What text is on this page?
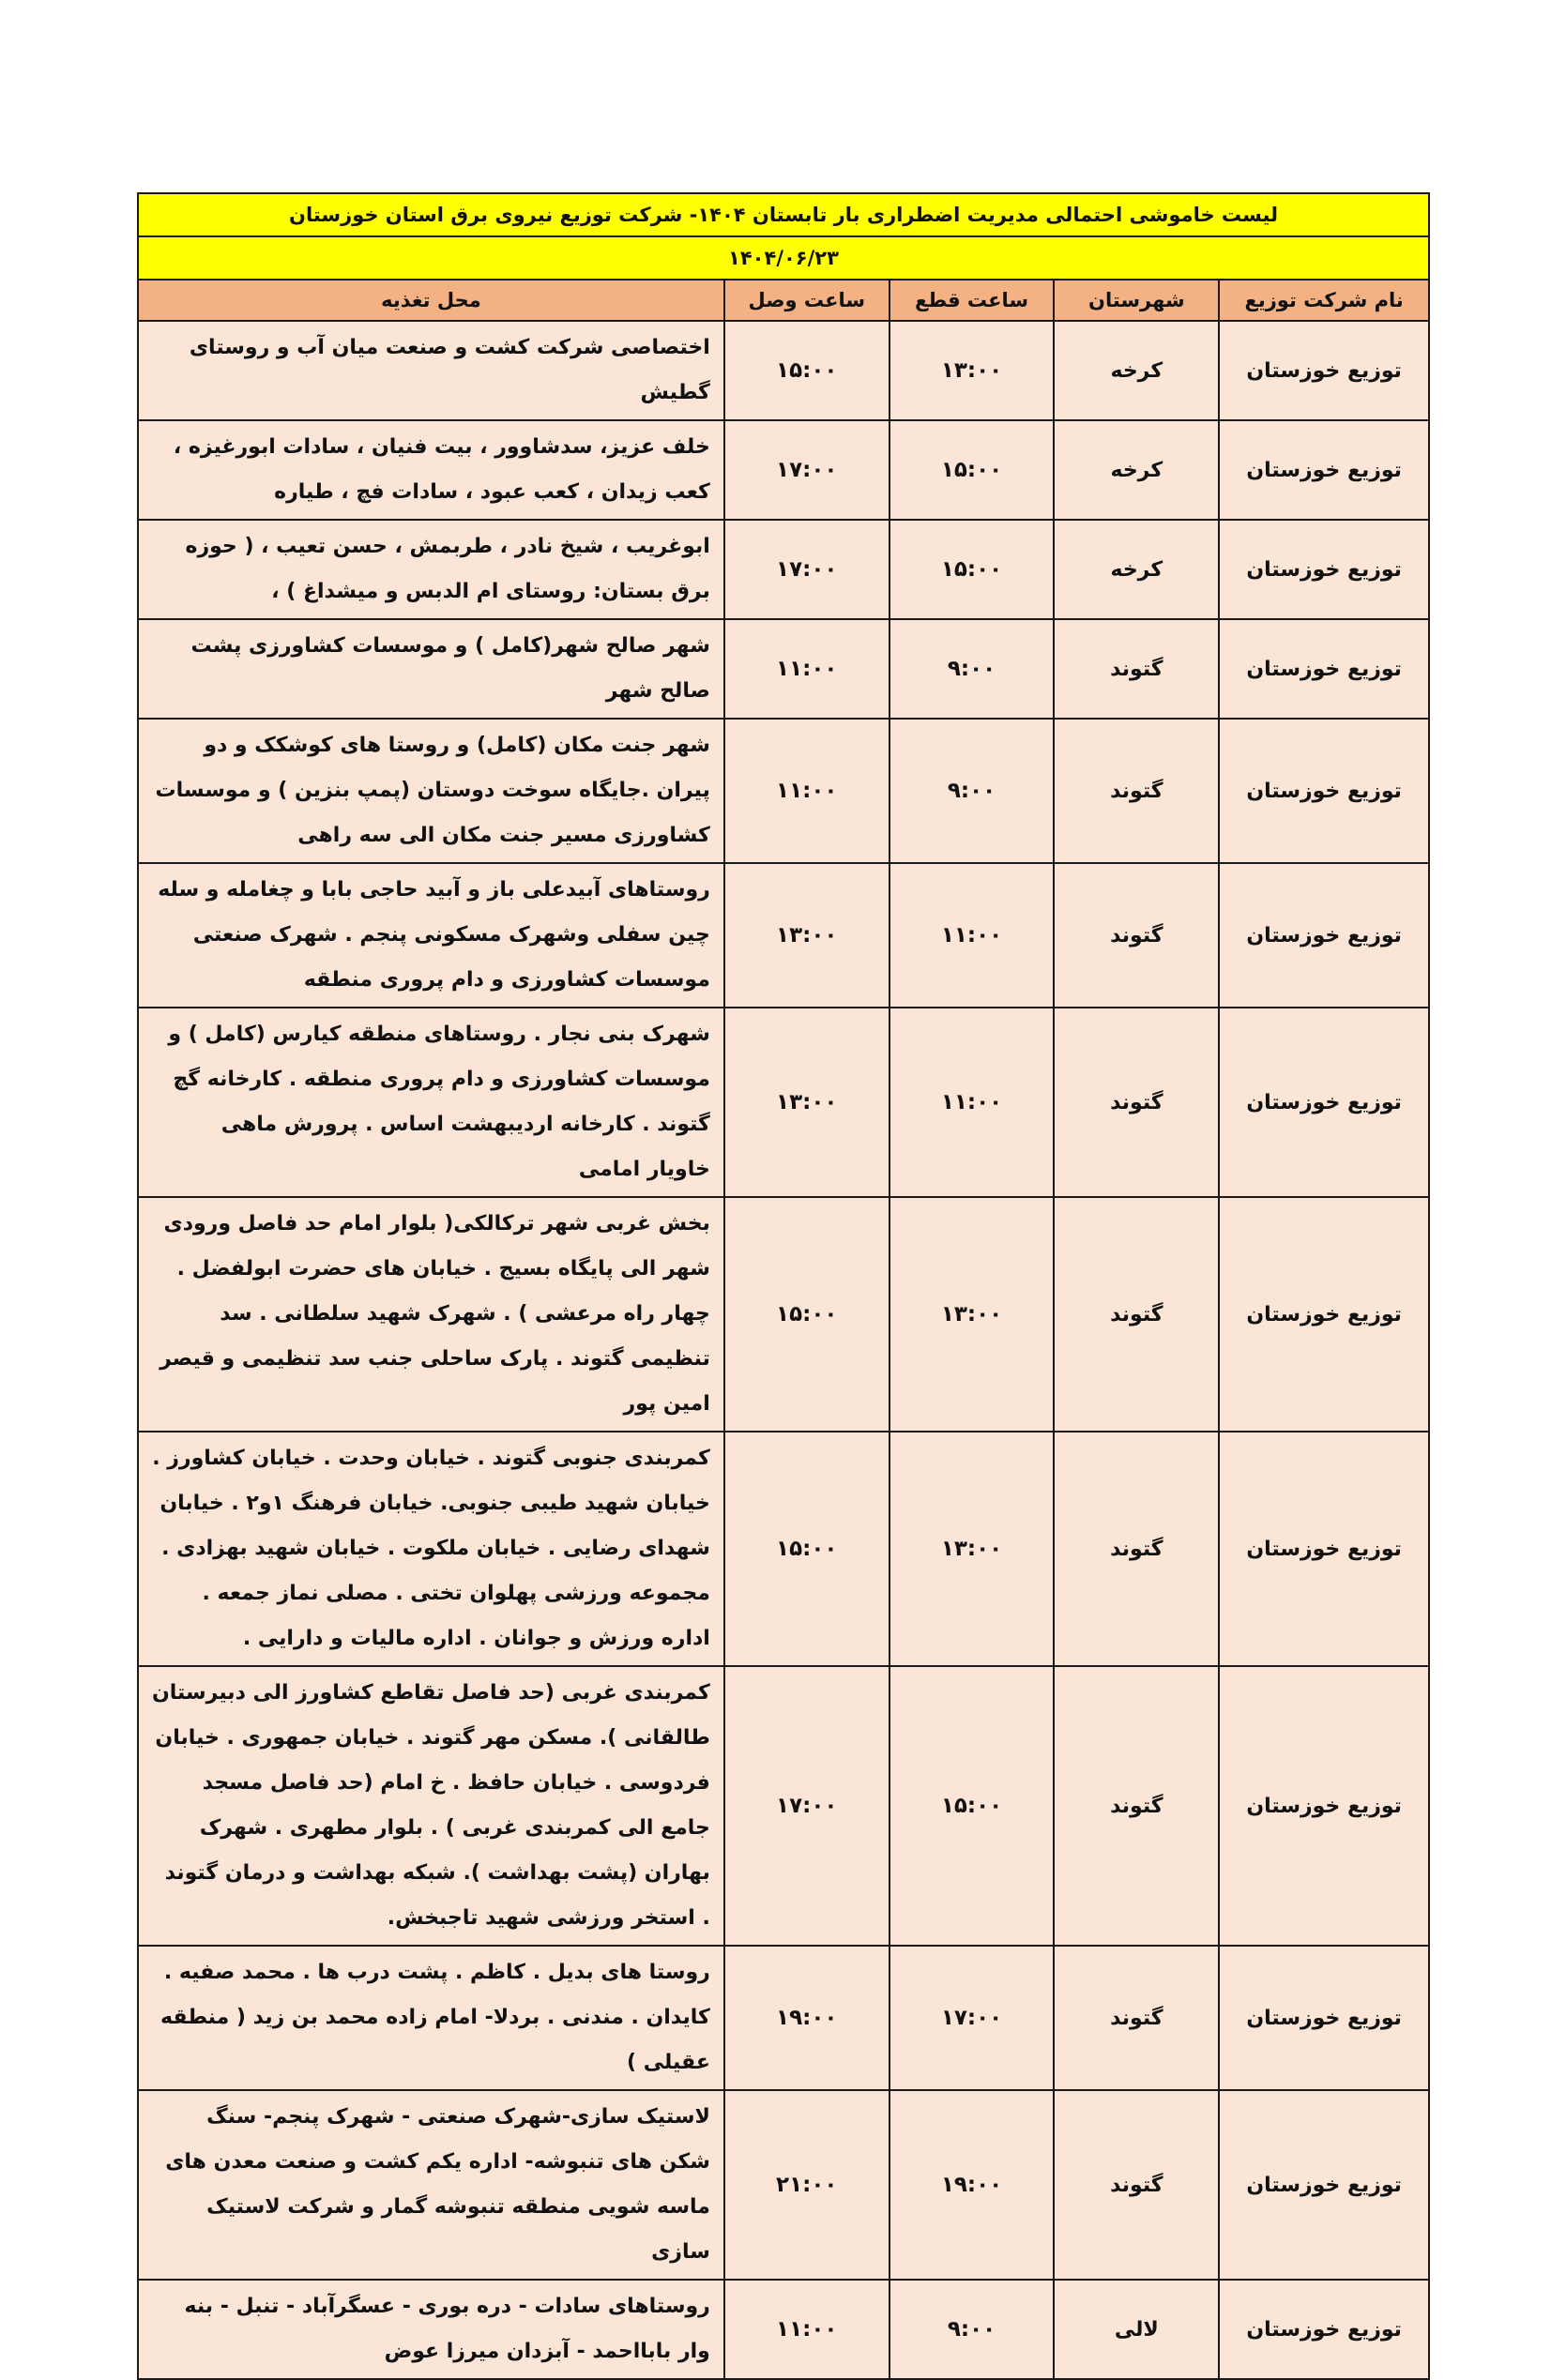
لیست خاموشی احتمالی مدیریت اضطراری بار تابستان ۱۴۰۴- شرکت توزیع نیروی برق استان خوزستان				
۱۴۰۴/۰۶/۲۳				
نام شرکت توزیع	شهرستان	ساعت قطع	ساعت وصل	محل تغذیه
توزیع خوزستان	کرخه	۱۳:۰۰	۱۵:۰۰	اختصاصی شرکت کشت و صنعت میان آب و روستای گطیش
توزیع خوزستان	کرخه	۱۵:۰۰	۱۷:۰۰	خلف عزیز، سدشاوور ، بیت فنیان ، سادات ابورغیزه ، کعب زیدان ، کعب عبود ، سادات فچ ، طیاره
توزیع خوزستان	کرخه	۱۵:۰۰	۱۷:۰۰	ابوغریب ، شیخ نادر ، طربمش ، حسن تعیب ، ( حوزه برق بستان: روستای ام الدبس و میشداغ ) ،
توزیع خوزستان	گتوند	۹:۰۰	۱۱:۰۰	شهر صالح شهر(کامل ) و موسسات کشاورزی پشت صالح شهر
توزیع خوزستان	گتوند	۹:۰۰	۱۱:۰۰	شهر جنت مکان (کامل) و روستا های کوشکک و دو پیران .جایگاه سوخت دوستان (پمپ بنزین ) و موسسات کشاورزی مسیر جنت مکان الی سه راهی
توزیع خوزستان	گتوند	۱۱:۰۰	۱۳:۰۰	روستاهای آبیدعلی باز و آبید حاجی بابا و چغامله و سله چین سفلی وشهرک مسکونی پنجم . شهرک صنعتی موسسات کشاورزی و دام پروری منطقه
توزیع خوزستان	گتوند	۱۱:۰۰	۱۳:۰۰	شهرک بنی نجار . روستاهای منطقه کیارس (کامل ) و موسسات کشاورزی و دام پروری منطقه . کارخانه گچ گتوند . کارخانه اردیبهشت اساس . پرورش ماهی خاویار امامی
توزیع خوزستان	گتوند	۱۳:۰۰	۱۵:۰۰	بخش غربی شهر ترکالکی( بلوار امام حد فاصل ورودی شهر الی پایگاه بسیج . خیابان های حضرت ابولفضل . چهار راه مرعشی ) . شهرک شهید سلطانی . سد تنظیمی گتوند . پارک ساحلی جنب سد تنظیمی و قیصر امین پور
توزیع خوزستان	گتوند	۱۳:۰۰	۱۵:۰۰	کمربندی جنوبی گتوند . خیابان وحدت . خیابان کشاورز . خیابان شهید طیبی جنوبی. خیابان فرهنگ ۱و۲ . خیابان شهدای رضایی . خیابان ملکوت . خیابان شهید بهزادی . مجموعه ورزشی پهلوان تختی . مصلی نماز جمعه . اداره ورزش و جوانان . اداره مالیات و دارایی .
توزیع خوزستان	گتوند	۱۵:۰۰	۱۷:۰۰	کمربندی غربی (حد فاصل تقاطع کشاورز الی دبیرستان طالقانی ). مسکن مهر گتوند . خیابان جمهوری . خیابان فردوسی . خیابان حافظ . خ امام (حد فاصل مسجد جامع الی کمربندی غربی ) . بلوار مطهری . شهرک بهاران (پشت بهداشت ). شبکه بهداشت و درمان گتوند . استخر ورزشی شهید تاجبخش.
توزیع خوزستان	گتوند	۱۷:۰۰	۱۹:۰۰	روستا های بدیل . کاظم . پشت درب ها . محمد صفیه . کایدان . مندنی . بردلا- امام زاده محمد بن زید ( منطقه عقیلی )
توزیع خوزستان	گتوند	۱۹:۰۰	۲۱:۰۰	لاستیک سازی-شهرک صنعتی - شهرک پنجم- سنگ شکن های تنبوشه- اداره یکم کشت و صنعت معدن های ماسه شویی منطقه تنبوشه گمار و شرکت لاستیک سازی
توزیع خوزستان	لالی	۹:۰۰	۱۱:۰۰	روستاهای سادات - دره بوری - عسگرآباد - تنبل - بنه وار بابااحمد - آبزدان میرزا عوض
